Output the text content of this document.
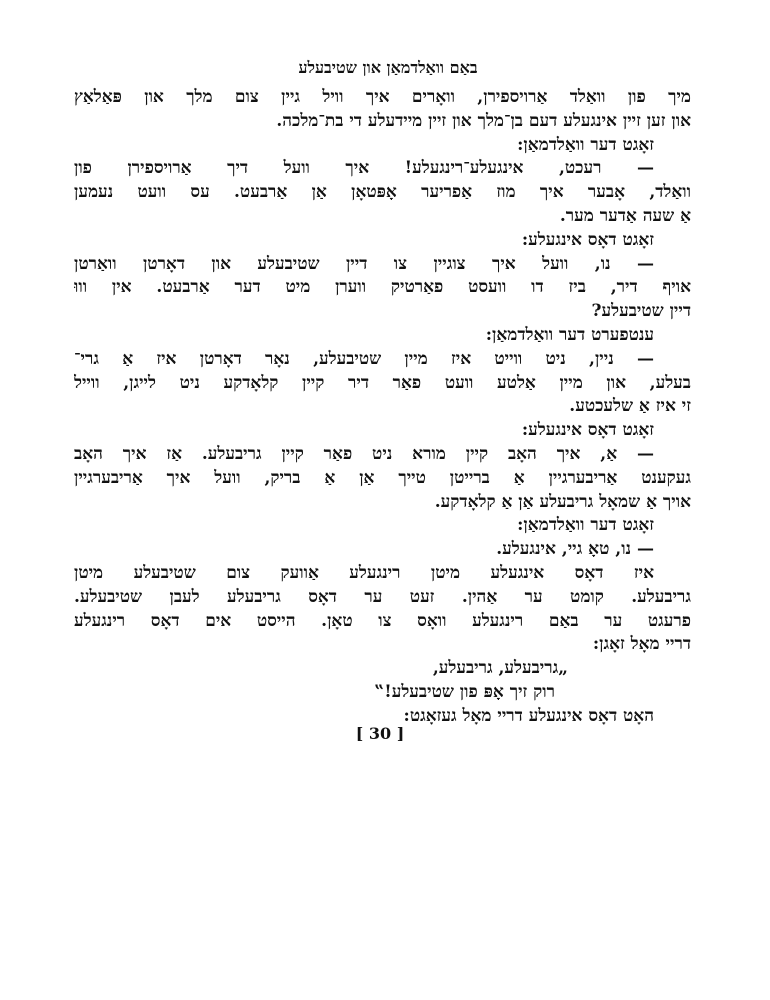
באַם וואַלדמאַן און שטיבעלע
מיך פון וואַלד אַרויספירן, וואָרים איך וויל גיין צום מלך און פּאַלאַץ
און זען זיין אינגעלע דעם בן־מלך און זיין מיידעלע די בת־מלכה.
זאָגט דער וואַלדמאַן:
— רעכט, אינגעלע־רינגעלע! איך וועל דיך אַרויספירן פון
וואַלד, אָבער איך מוז אַפריער אָפּטאָן אַן אַרבעט. עס וועט נעמען
אַ שעה אַדער מער.
זאָגט דאָס אינגעלע:
— נו, וועל איך צוגיין צו דיין שטיבעלע און דאָרטן וואַרטן
אויף דיר, ביז דו וועסט פאַרטיק ווערן מיט דער אַרבעט. אין וווּ
דיין שטיבעלע?
ענטפערט דער וואַלדמאַן:
— ניין, ניט ווייט איז מיין שטיבעלע, נאָר דאָרטן איז אַ גרי־
בעלע, און מיין אַלטע וועט פאַר דיר קיין קלאָדקע ניט לייגן, ווייל
זי איז אַ שלעכטע.
זאָגט דאָס אינגעלע:
— אַ, איך האָב קיין מורא ניט פאַר קיין גריבעלע. אַז איך האָב
געקענט אַריבערגיין אַ ברייטן טייך אַן אַ בריק, וועל איך אַריבערגיין
אויך אַ שמאָל גריבעלע אַן אַ קלאָדקע.
זאָגט דער וואַלדמאַן:
— נו, טאָ גיי, אינגעלע.
איז דאָס אינגעלע מיטן רינגעלע אַוועק צום שטיבעלע מיטן
גריבעלע. קומט ער אַהין. זעט ער דאָס גריבעלע לעבן שטיבעלע.
פרעגט ער באַם רינגעלע וואָס צו טאָן. הייסט אים דאָס רינגעלע
דריי מאָל זאָגן:
„גריבעלע, גריבעלע,
רוק זיך אָפּ פון שטיבעלע!‟
האָט דאָס אינגעלע דריי מאָל געזאָגט:
[ 30 ]
